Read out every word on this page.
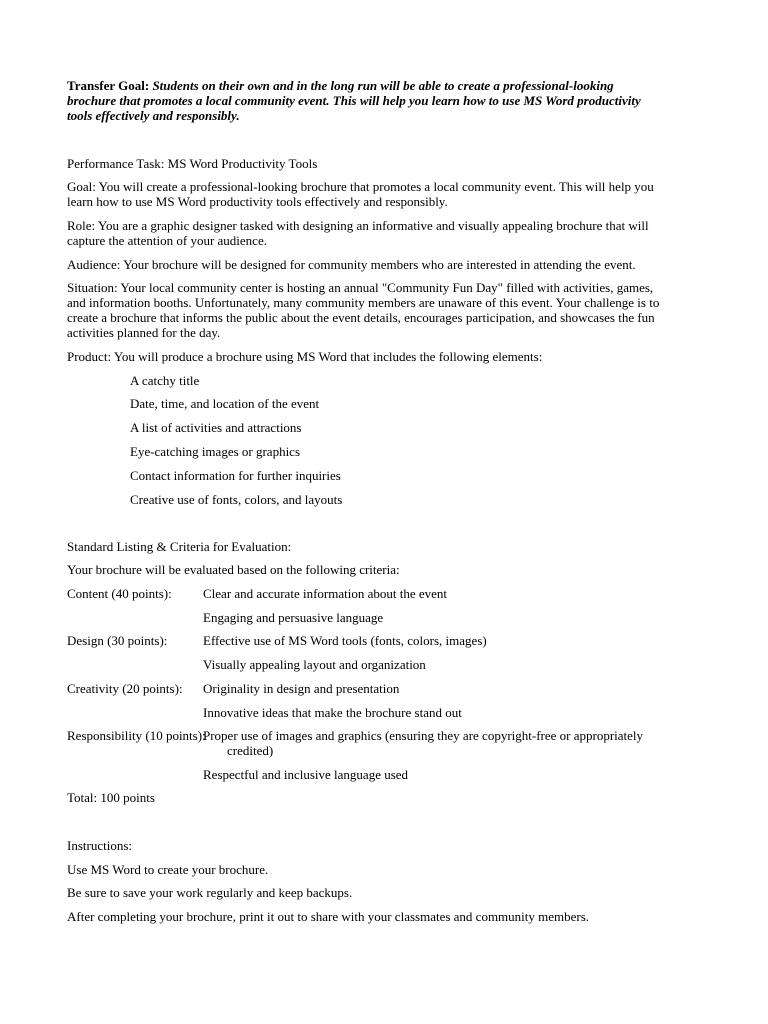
Transfer Goal: Students on their own and in the long run will be able to create a professional-looking
brochure that promotes a local community event. This will help you learn how to use MS Word productivity
tools effectively and responsibly.
Performance Task: MS Word Productivity Tools
Goal: You will create a professional-looking brochure that promotes a local community event. This will help you
learn how to use MS Word productivity tools effectively and responsibly.
Role: You are a graphic designer tasked with designing an informative and visually appealing brochure that will
capture the attention of your audience.
Audience: Your brochure will be designed for community members who are interested in attending the event.
Situation: Your local community center is hosting an annual "Community Fun Day" filled with activities, games,
and information booths. Unfortunately, many community members are unaware of this event. Your challenge is to
create a brochure that informs the public about the event details, encourages participation, and showcases the fun
activities planned for the day.
Product: You will produce a brochure using MS Word that includes the following elements:
A catchy title
Date, time, and location of the event
A list of activities and attractions
Eye-catching images or graphics
Contact information for further inquiries
Creative use of fonts, colors, and layouts
Standard Listing & Criteria for Evaluation:
Your brochure will be evaluated based on the following criteria:
Content (40 points): Clear and accurate information about the event
Engaging and persuasive language
Design (30 points):	Effective use of MS Word tools (fonts, colors, images)
Visually appealing layout and organization
Creativity (20 points): Originality in design and presentation
Innovative ideas that make the brochure stand out
Responsibility (10 points):
Proper use of images and graphics (ensuring they are copyright-free or appropriately
credited)
Respectful and inclusive language used
Total: 100 points
Instructions:
Use MS Word to create your brochure.
Be sure to save your work regularly and keep backups.
After completing your brochure, print it out to share with your classmates and community members.
